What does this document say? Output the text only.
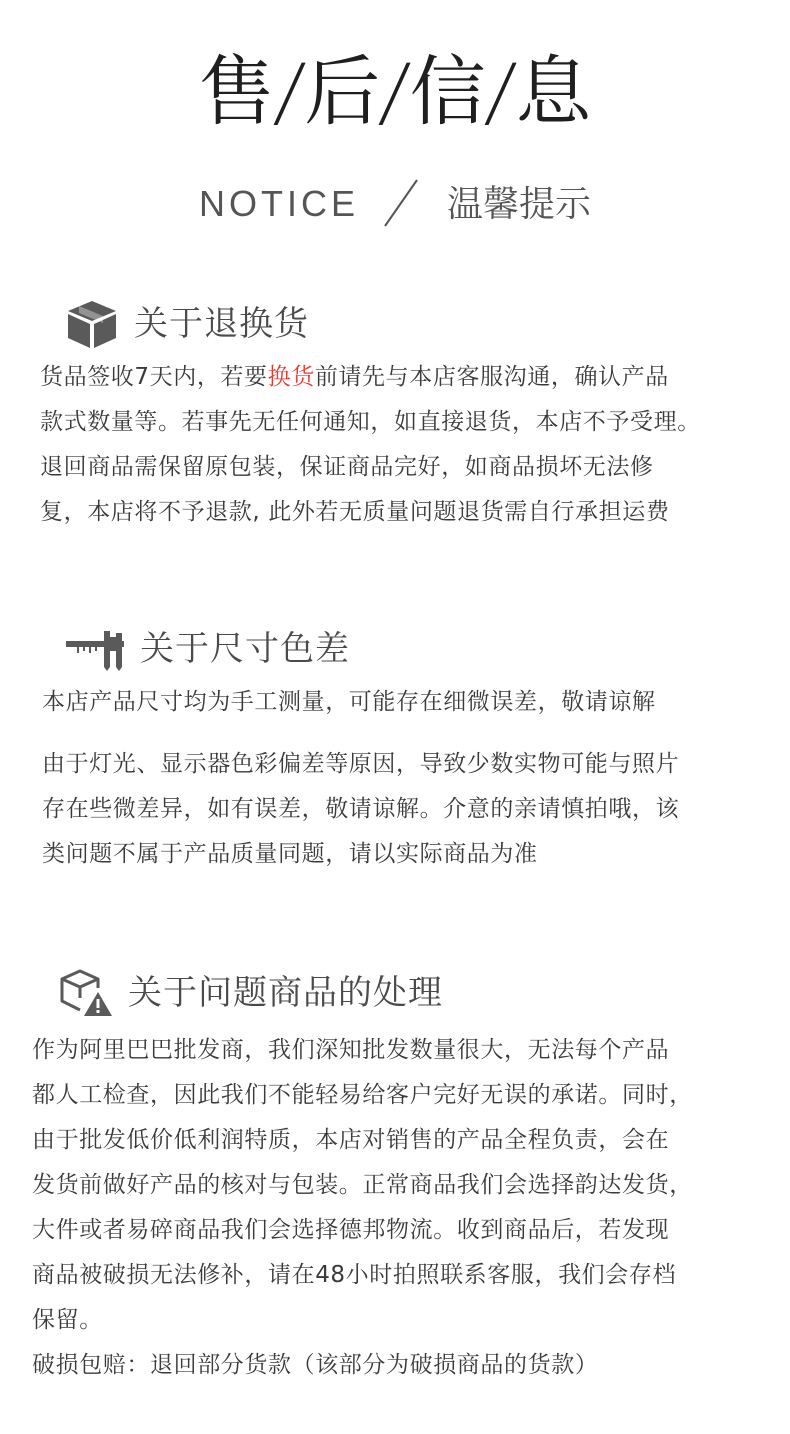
售/后/信/息
NOTICE 温馨提示
关于退换货
货品签收7天内，若要换货前请先与本店客服沟通，确认产品
款式数量等。若事先无任何通知，如直接退货，本店不予受理。
退回商品需保留原包装，保证商品完好，如商品损坏无法修
复，本店将不予退款, 此外若无质量问题退货需自行承担运费
关于尺寸色差
本店产品尺寸均为手工测量，可能存在细微误差，敬请谅解
由于灯光、显示器色彩偏差等原因，导致少数实物可能与照片
存在些微差异，如有误差，敬请谅解。介意的亲请慎拍哦，该
类问题不属于产品质量同题，请以实际商品为准
关于问题商品的处理
作为阿里巴巴批发商，我们深知批发数量很大，无法每个产品
都人工检查，因此我们不能轻易给客户完好无误的承诺。同时，
由于批发低价低利润特质，本店对销售的产品全程负责，会在
发货前做好产品的核对与包装。正常商品我们会选择韵达发货，
大件或者易碎商品我们会选择德邦物流。收到商品后，若发现
商品被破损无法修补，请在48小时拍照联系客服，我们会存档
保留。
破损包赔：退回部分货款（该部分为破损商品的货款）
